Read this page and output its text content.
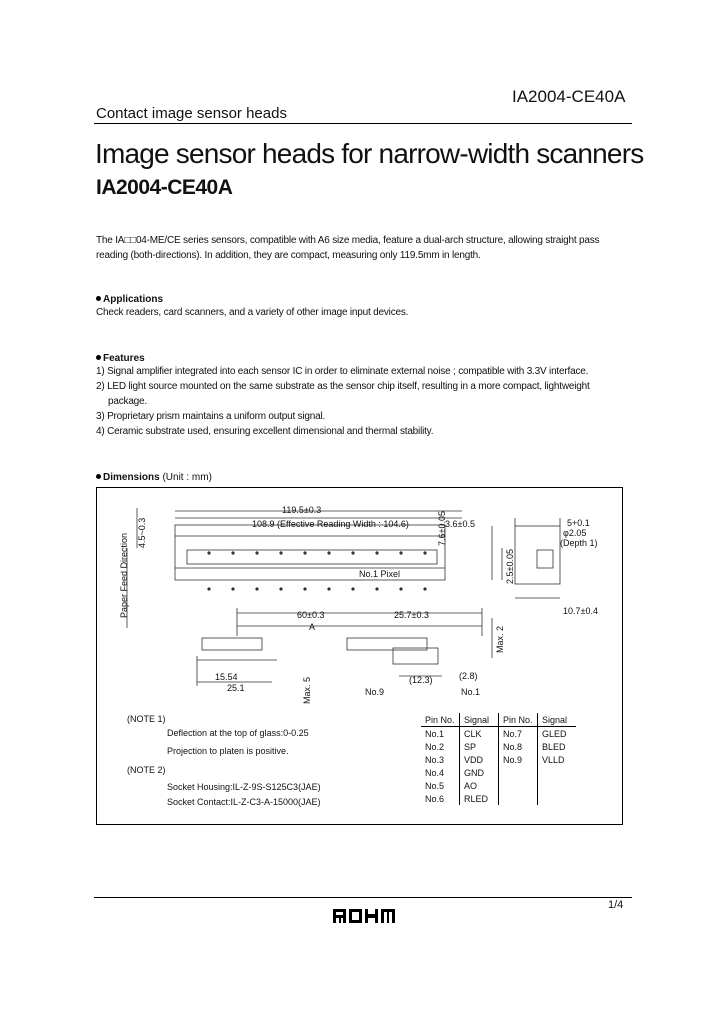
IA2004-CE40A
Contact image sensor heads
Image sensor heads for narrow-width scanners
IA2004-CE40A
The IA□□04-ME/CE series sensors, compatible with A6 size media, feature a dual-arch structure, allowing straight pass
reading (both-directions). In addition, they are compact, measuring only 119.5mm in length.
Applications
Check readers, card scanners, and a variety of other image input devices.
Features
1) Signal amplifier integrated into each sensor IC in order to eliminate external noise ; compatible with 3.3V interface.
2) LED light source mounted on the same substrate as the sensor chip itself, resulting in a more compact, lightweight
package.
3) Proprietary prism maintains a uniform output signal.
4) Ceramic substrate used, ensuring excellent dimensional and thermal stability.
Dimensions (Unit : mm)
119.5±0.3
108.9 (Effective Reading Width : 104.6)	3.6±0.5	5+0.1
φ2.05
(Depth 1)
7.6±0.05
2.5±0.05
10.7±0.4
No.1 Pixel
Paper Feed Direction
4.5~0.3
60±0.3	25.7±0.3
A
15.54
25.1
(12.3)	(2.8)
No.9	No.1
Max. 5
Max. 2
(NOTE 1)
Deflection at the top of glass:0-0.25
Projection to platen is positive.
(NOTE 2)
Socket Housing:IL-Z-9S-S125C3(JAE)
Socket Contact:IL-Z-C3-A-15000(JAE)
Pin No.	Signal	Pin No.	Signal
No.1	CLK	No.7	GLED
No.2	SP	No.8	BLED
No.3	VDD	No.9	VLLD
No.4	GND		
No.5	AO		
No.6	RLED		
1/4
